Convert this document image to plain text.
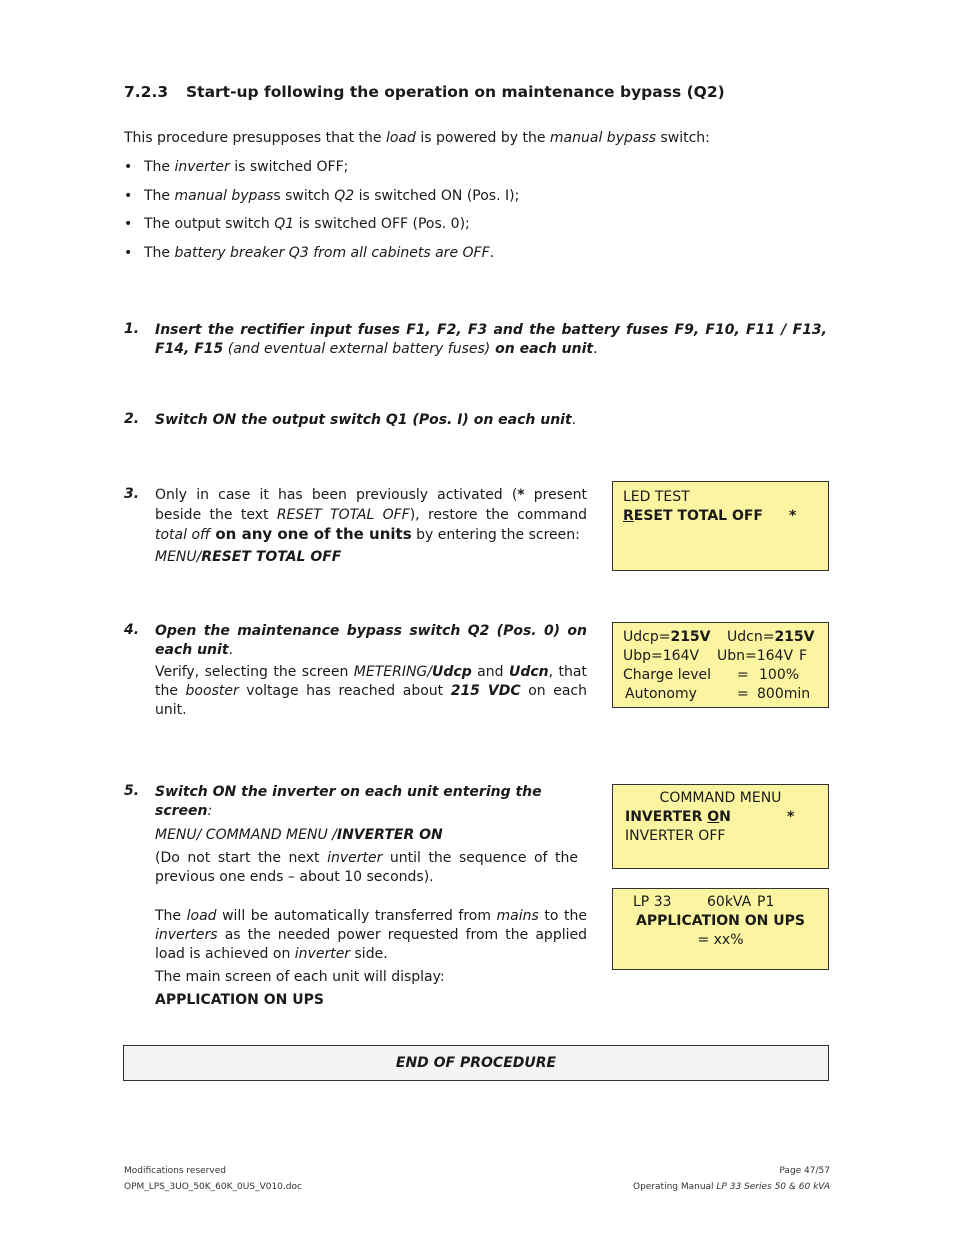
7.2.3 Start-up following the operation on maintenance bypass (Q2)
This procedure presupposes that the load is powered by the manual bypass switch:
• The inverter is switched OFF;
• The manual bypass switch Q2 is switched ON (Pos. I);
• The output switch Q1 is switched OFF (Pos. 0);
• The battery breaker Q3 from all cabinets are OFF.
1. Insert the rectifier input fuses F1, F2, F3 and the battery fuses F9, F10, F11 / F13, F14, F15 (and eventual external battery fuses) on each unit.
2. Switch ON the output switch Q1 (Pos. I) on each unit.
3. Only in case it has been previously activated (* present beside the text RESET TOTAL OFF), restore the command total off on any one of the units by entering the screen:

MENU/RESET TOTAL OFF

LED TEST
RESET TOTAL OFF *
4. Open the maintenance bypass switch Q2 (Pos. 0) on each unit.

Verify, selecting the screen METERING/Udcp and Udcn, that the booster voltage has reached about 215 VDC on each unit.

Udcp=215V Udcn=215V
Ubp=164V Ubn=164V F
Charge level = 100%
Autonomy	= 800min
5. Switch ON the inverter on each unit entering the screen:

MENU/ COMMAND MENU /INVERTER ON

(Do not start the next inverter until the sequence of the previous one ends – about 10 seconds).

The load will be automatically transferred from mains to the inverters as the needed power requested from the applied load is achieved on inverter side.

The main screen of each unit will display:

APPLICATION ON UPS

COMMAND MENU
INVERTER ON	*
INVERTER OFF
LP 33	60kVA P1
APPLICATION ON UPS
= xx%
END OF PROCEDURE
Modifications reserved
OPM_LPS_3UO_50K_60K_0US_V010.doc
Page 47/57
Operating Manual LP 33 Series 50 & 60 kVA
